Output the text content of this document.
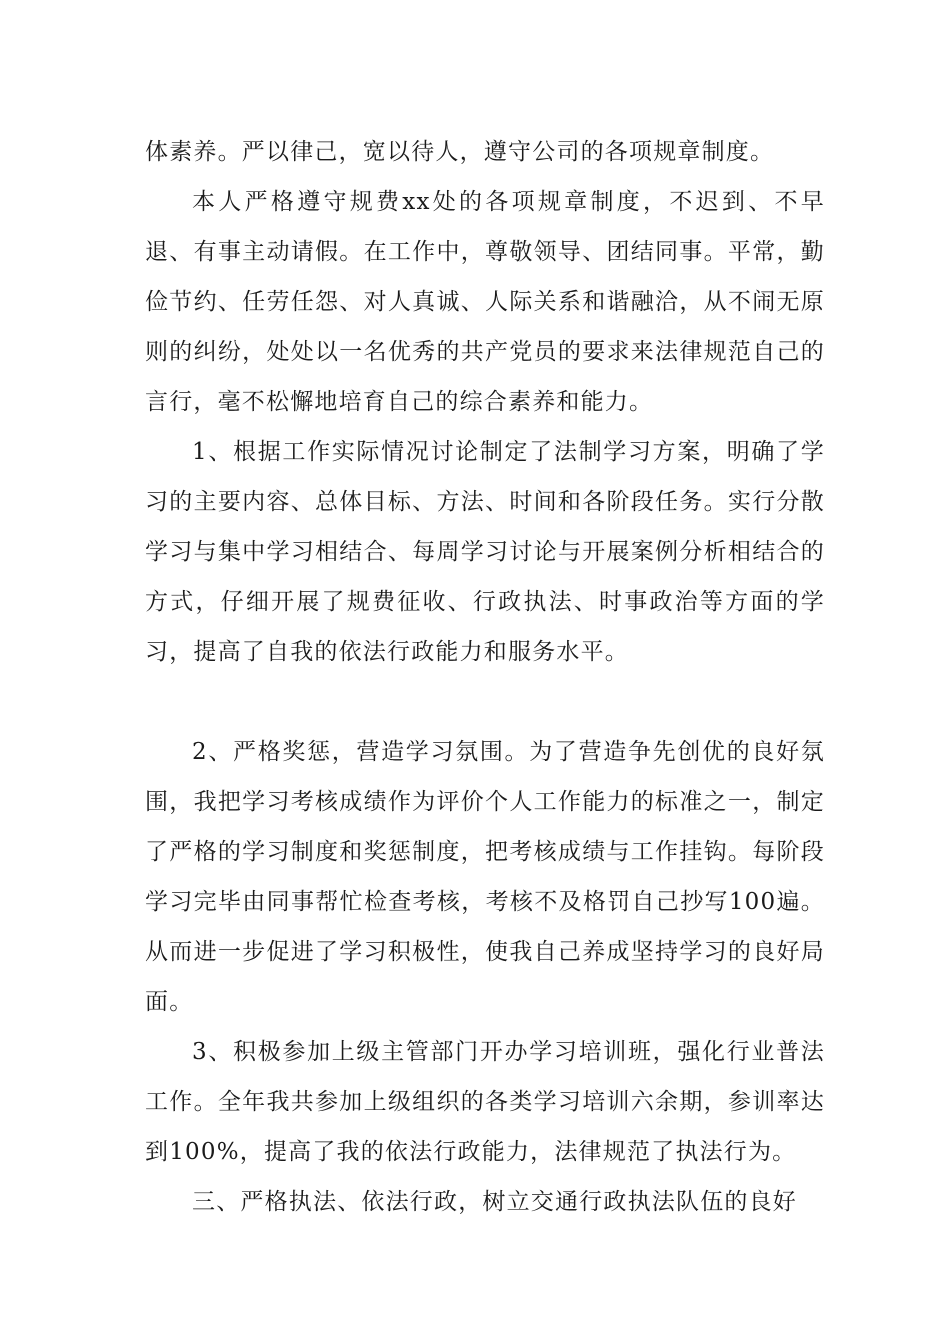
体素养。严以律己，宽以待人，遵守公司的各项规章制度。

本人严格遵守规费xx处的各项规章制度，不迟到、不早退、有事主动请假。在工作中，尊敬领导、团结同事。平常，勤俭节约、任劳任怨、对人真诚、人际关系和谐融洽，从不闹无原则的纠纷，处处以一名优秀的共产党员的要求来法律规范自己的言行，毫不松懈地培育自己的综合素养和能力。

1、根据工作实际情况讨论制定了法制学习方案，明确了学习的主要内容、总体目标、方法、时间和各阶段任务。实行分散学习与集中学习相结合、每周学习讨论与开展案例分析相结合的方式，仔细开展了规费征收、行政执法、时事政治等方面的学习，提高了自我的依法行政能力和服务水平。

2、严格奖惩，营造学习氛围。为了营造争先创优的良好氛围，我把学习考核成绩作为评价个人工作能力的标准之一，制定了严格的学习制度和奖惩制度，把考核成绩与工作挂钩。每阶段学习完毕由同事帮忙检查考核，考核不及格罚自己抄写100遍。从而进一步促进了学习积极性，使我自己养成坚持学习的良好局面。

3、积极参加上级主管部门开办学习培训班，强化行业普法工作。全年我共参加上级组织的各类学习培训六余期，参训率达到100%，提高了我的依法行政能力，法律规范了执法行为。

三、严格执法、依法行政，树立交通行政执法队伍的良好
